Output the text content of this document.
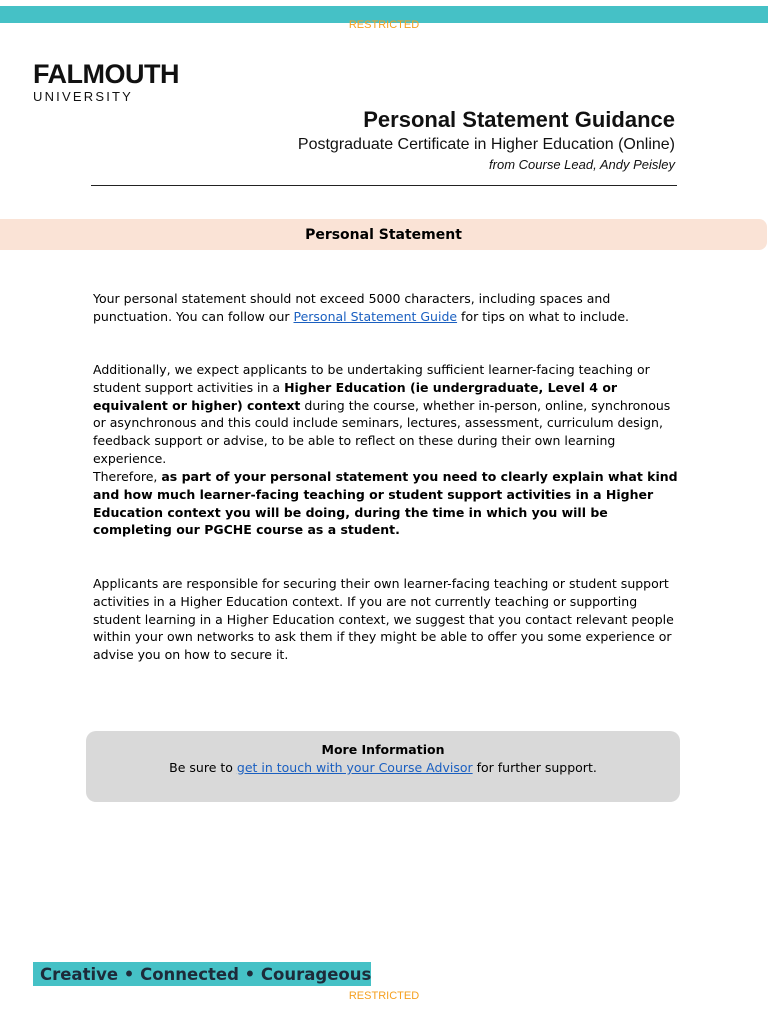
RESTRICTED
FALMOUTH
UNIVERSITY
Personal Statement Guidance
Postgraduate Certificate in Higher Education (Online)
from Course Lead, Andy Peisley
Personal Statement

Your personal statement should not exceed 5000 characters, including spaces and punctuation. You can follow our Personal Statement Guide for tips on what to include.

Additionally, we expect applicants to be undertaking sufficient learner-facing teaching or student support activities in a Higher Education (ie undergraduate, Level 4 or equivalent or higher) context during the course, whether in-person, online, synchronous or asynchronous and this could include seminars, lectures, assessment, curriculum design, feedback support or advise, to be able to reflect on these during their own learning experience.

Therefore, as part of your personal statement you need to clearly explain what kind and how much learner-facing teaching or student support activities in a Higher Education context you will be doing, during the time in which you will be completing our PGCHE course as a student.

Applicants are responsible for securing their own learner-facing teaching or student support activities in a Higher Education context. If you are not currently teaching or supporting student learning in a Higher Education context, we suggest that you contact relevant people within your own networks to ask them if they might be able to offer you some experience or advise you on how to secure it.

More Information
Be sure to get in touch with your Course Advisor for further support.
Creative • Connected • Courageous
RESTRICTED
